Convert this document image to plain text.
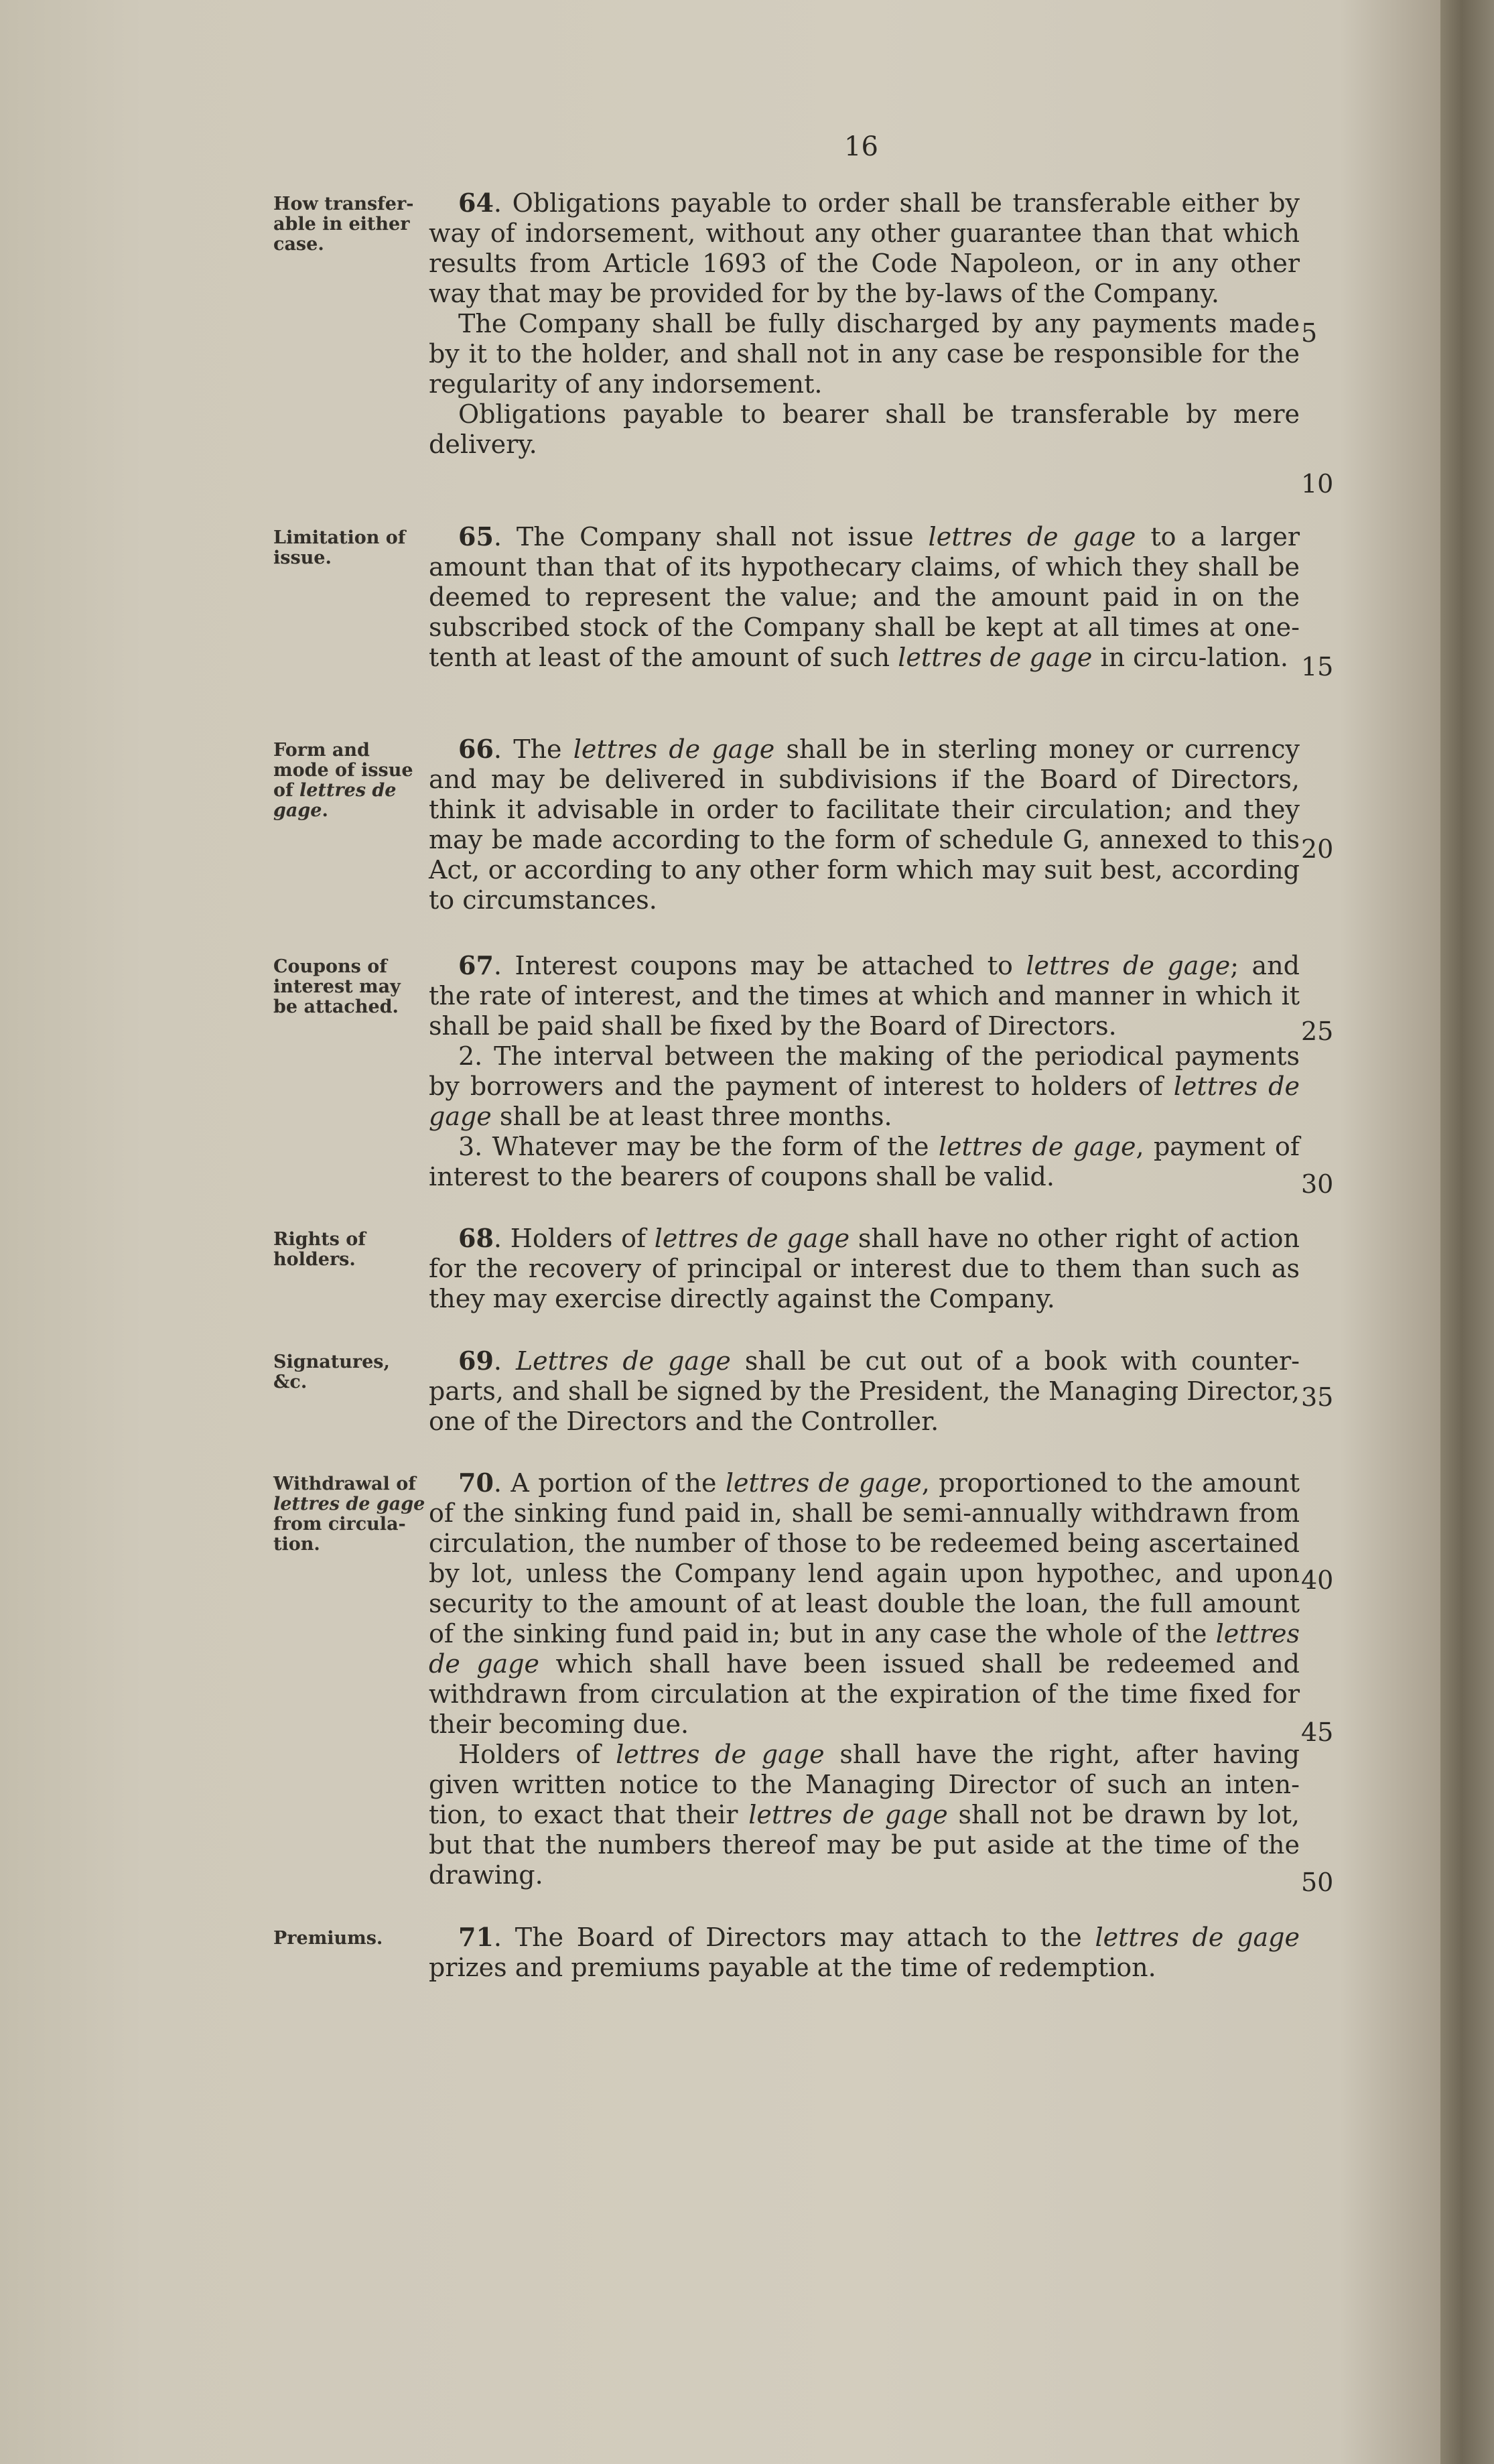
16
How transfer-able in either case.

64. Obligations payable to order shall be transferable either by way of indorsement, without any other guarantee than that which results from Article 1693 of the Code Napoleon, or in any other way that may be provided for by the by-laws of the Company.

The Company shall be fully discharged by any payments made by it to the holder, and shall not in any case be responsible for the regularity of any indorsement.

Obligations payable to bearer shall be transferable by mere delivery.

Limitation of issue.

65. The Company shall not issue lettres de gage to a larger amount than that of its hypothecary claims, of which they shall be deemed to represent the value; and the amount paid in on the subscribed stock of the Company shall be kept at all times at one-tenth at least of the amount of such lettres de gage in circu-lation.

Form and mode of issue of lettres de gage.

66. The lettres de gage shall be in sterling money or currency and may be delivered in subdivisions if the Board of Directors, think it advisable in order to facilitate their circulation; and they may be made according to the form of schedule G, annexed to this Act, or according to any other form which may suit best, according to circumstances.

Coupons of interest may be attached.

67. Interest coupons may be attached to lettres de gage; and the rate of interest, and the times at which and manner in which it shall be paid shall be fixed by the Board of Directors.

2. The interval between the making of the periodical payments by borrowers and the payment of interest to holders of lettres de gage shall be at least three months.

3. Whatever may be the form of the lettres de gage, payment of interest to the bearers of coupons shall be valid.

Rights of holders.

68. Holders of lettres de gage shall have no other right of action for the recovery of principal or interest due to them than such as they may exercise directly against the Company.

Signatures, &c.

69. Lettres de gage shall be cut out of a book with counter-parts, and shall be signed by the President, the Managing Director, one of the Directors and the Controller.

Withdrawal of lettres de gage from circula-tion.

70. A portion of the lettres de gage, proportioned to the amount of the sinking fund paid in, shall be semi-annually withdrawn from circulation, the number of those to be redeemed being ascertained by lot, unless the Company lend again upon hypothec, and upon security to the amount of at least double the loan, the full amount of the sinking fund paid in; but in any case the whole of the lettres de gage which shall have been issued shall be redeemed and withdrawn from circulation at the expiration of the time fixed for their becoming due.

Holders of lettres de gage shall have the right, after having given written notice to the Managing Director of such an inten-tion, to exact that their lettres de gage shall not be drawn by lot, but that the numbers thereof may be put aside at the time of the drawing.

Premiums.	71. The Board of Directors may attach to the lettres de gage prizes and premiums payable at the time of redemption.

5
10
15
20
25
30
35
40
45
50
